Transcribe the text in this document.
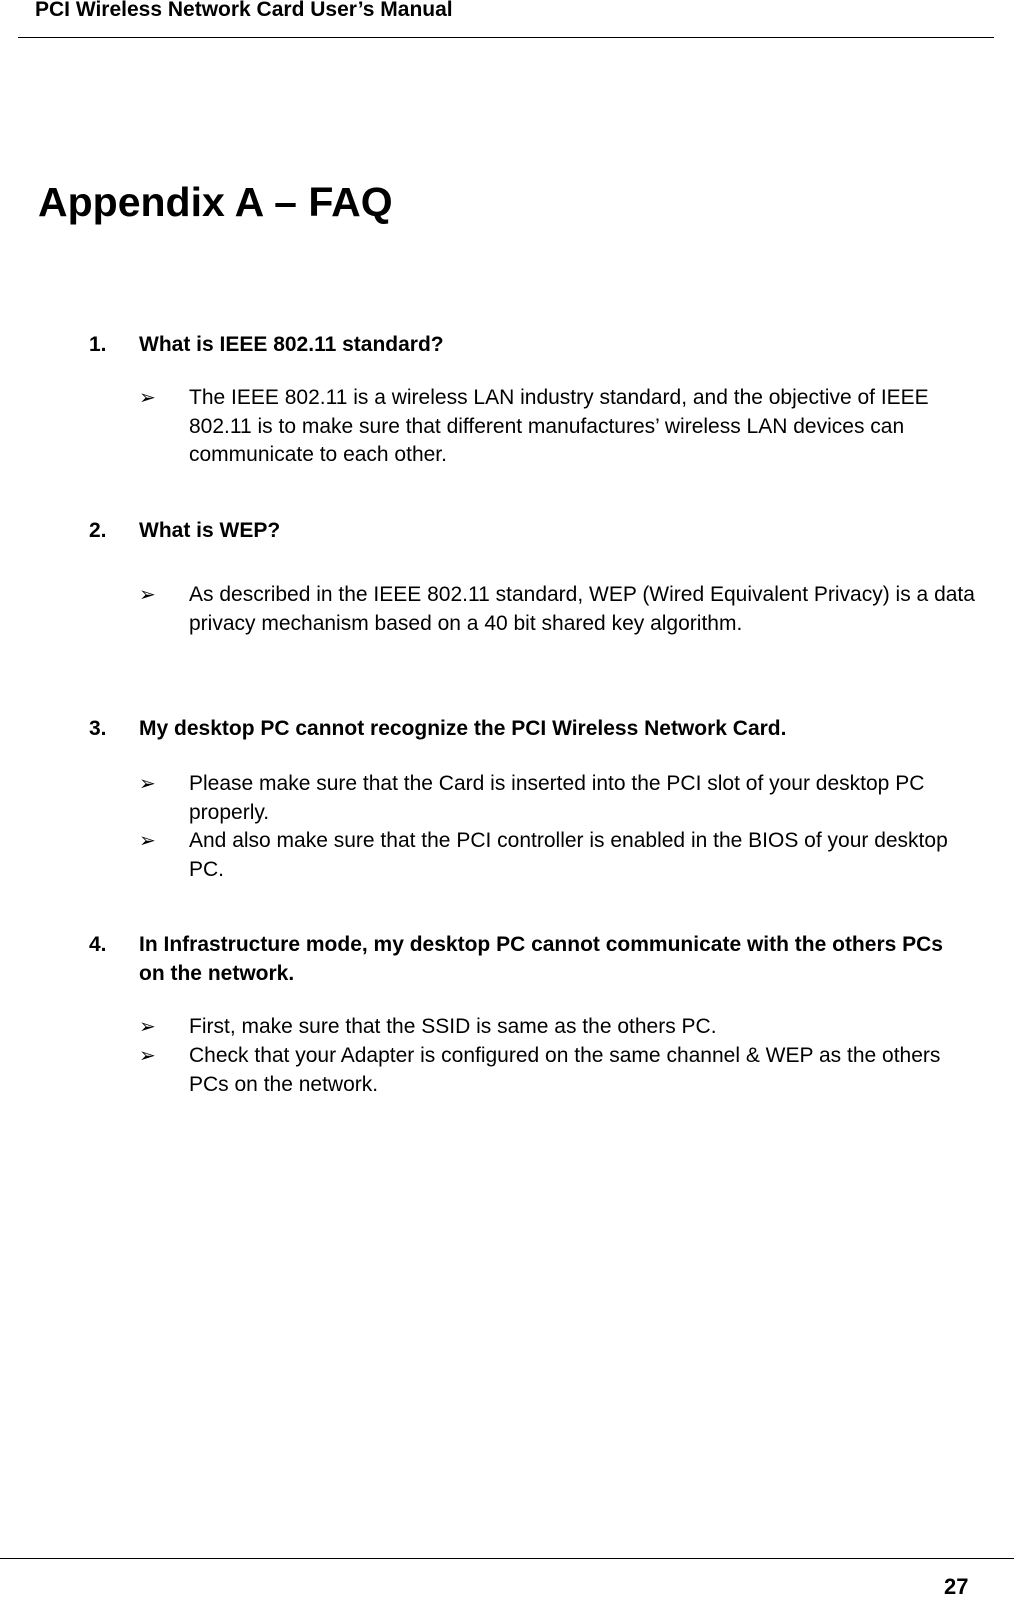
PCI Wireless Network Card User’s Manual
Appendix A – FAQ
1. What is IEEE 802.11 standard?
➢ The IEEE 802.11 is a wireless LAN industry standard, and the objective of IEEE 802.11 is to make sure that different manufactures’ wireless LAN devices can communicate to each other.
2. What is WEP?
➢ As described in the IEEE 802.11 standard, WEP (Wired Equivalent Privacy) is a data privacy mechanism based on a 40 bit shared key algorithm.
3. My desktop PC cannot recognize the PCI Wireless Network Card.
➢ Please make sure that the Card is inserted into the PCI slot of your desktop PC properly.
➢ And also make sure that the PCI controller is enabled in the BIOS of your desktop PC.
4. In Infrastructure mode, my desktop PC cannot communicate with the others PCs on the network.
➢ First, make sure that the SSID is same as the others PC.
➢ Check that your Adapter is configured on the same channel & WEP as the others PCs on the network.
27
